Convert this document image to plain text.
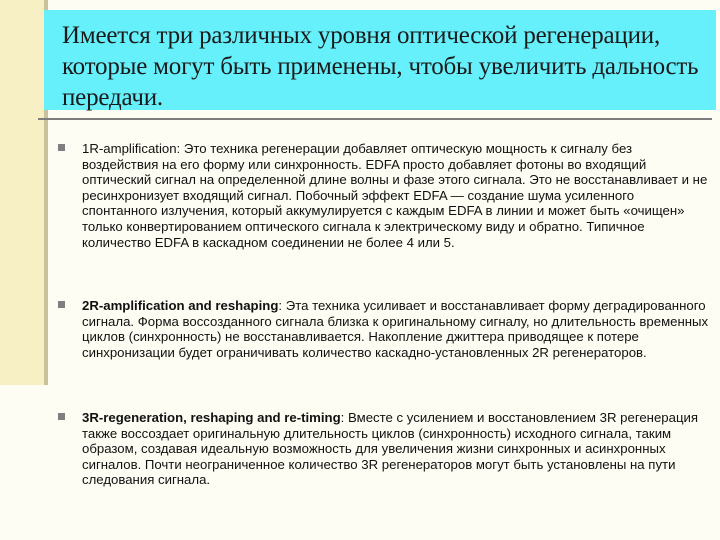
Имеется три различных уровня оптической регенерации, которые могут быть применены, чтобы увеличить дальность передачи.

1R-amplification: Это техника регенерации добавляет оптическую мощность к сигналу без воздействия на его форму или синхронность. EDFA просто добавляет фотоны во входящий оптический сигнал на определенной длине волны и фазе этого сигнала. Это не восстанавливает и не ресинхронизует входящий сигнал. Побочный эффект EDFA — создание шума усиленного спонтанного излучения, который аккумулируется с каждым EDFA в линии и может быть «очищен» только конвертированием оптического сигнала к электрическому виду и обратно. Типичное количество EDFA в каскадном соединении не более 4 или 5.

2R-amplification and reshaping: Эта техника усиливает и восстанавливает форму деградированного сигнала. Форма воссозданного сигнала близка к оригинальному сигналу, но длительность временных циклов (синхронность) не восстанавливается. Накопление джиттера приводящее к потере синхронизации будет ограничивать количество каскадно-установленных 2R регенераторов.

3R-regeneration, reshaping and re-timing: Вместе с усилением и восстановлением 3R регенерация также воссоздает оригинальную длительность циклов (синхронность) исходного сигнала, таким образом, создавая идеальную возможность для увеличения жизни синхронных и асинхронных сигналов. Почти неограниченное количество 3R регенераторов могут быть установлены на пути следования сигнала.
